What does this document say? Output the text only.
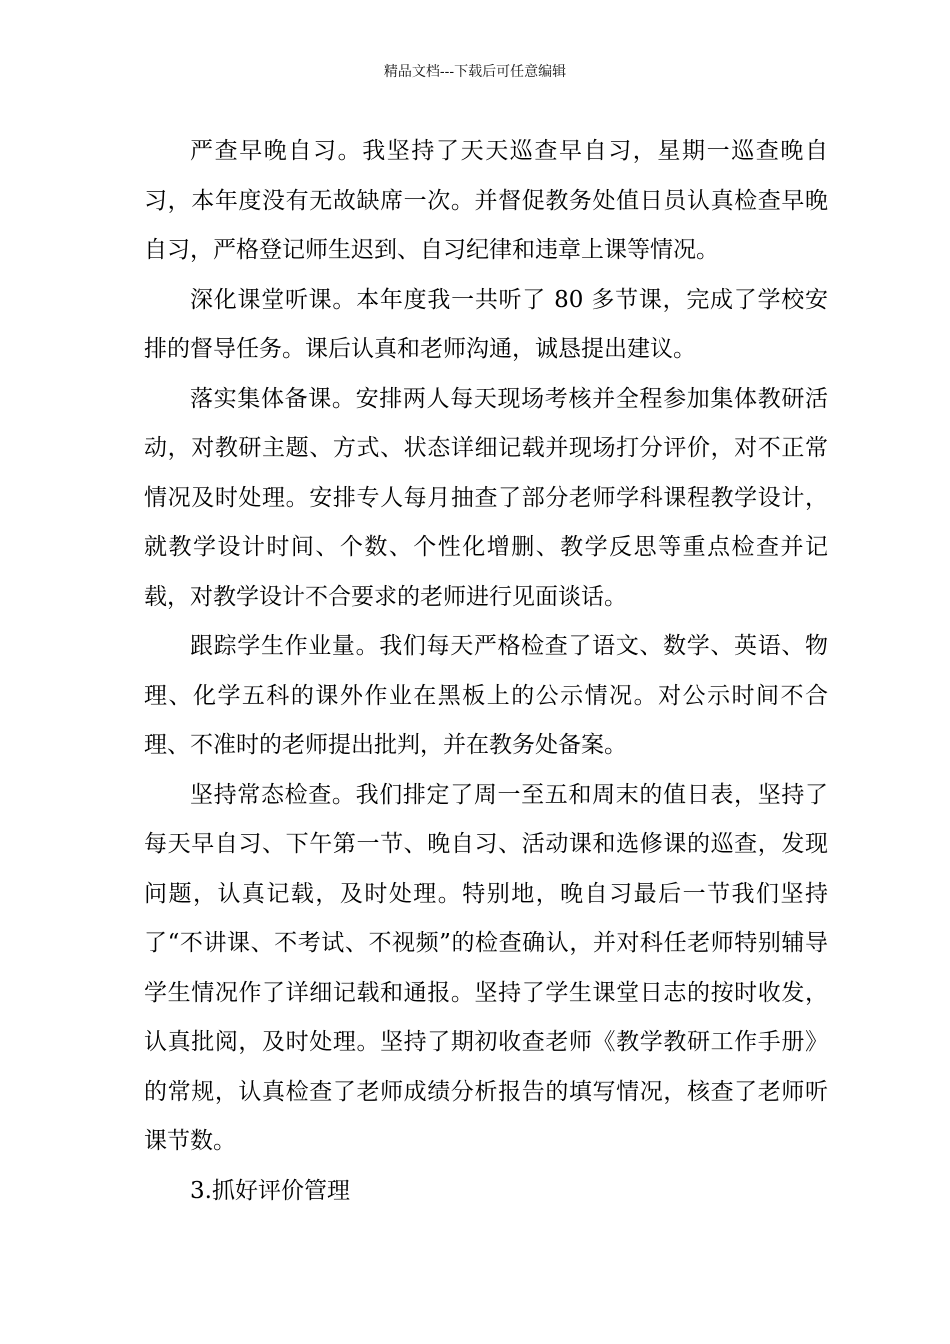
精品文档---下载后可任意编辑

严查早晚自习。我坚持了天天巡查早自习，星期一巡查晚自习，本年度没有无故缺席一次。并督促教务处值日员认真检查早晚自习，严格登记师生迟到、自习纪律和违章上课等情况。

深化课堂听课。本年度我一共听了 80 多节课，完成了学校安排的督导任务。课后认真和老师沟通，诚恳提出建议。

落实集体备课。安排两人每天现场考核并全程参加集体教研活动，对教研主题、方式、状态详细记载并现场打分评价，对不正常情况及时处理。安排专人每月抽查了部分老师学科课程教学设计，就教学设计时间、个数、个性化增删、教学反思等重点检查并记载，对教学设计不合要求的老师进行见面谈话。

跟踪学生作业量。我们每天严格检查了语文、数学、英语、物理、化学五科的课外作业在黑板上的公示情况。对公示时间不合理、不准时的老师提出批判，并在教务处备案。

坚持常态检查。我们排定了周一至五和周末的值日表，坚持了每天早自习、下午第一节、晚自习、活动课和选修课的巡查，发现问题，认真记载，及时处理。特别地，晚自习最后一节我们坚持了“不讲课、不考试、不视频”的检查确认，并对科任老师特别辅导学生情况作了详细记载和通报。坚持了学生课堂日志的按时收发，认真批阅，及时处理。坚持了期初收查老师《教学教研工作手册》的常规，认真检查了老师成绩分析报告的填写情况，核查了老师听课节数。

3.抓好评价管理
